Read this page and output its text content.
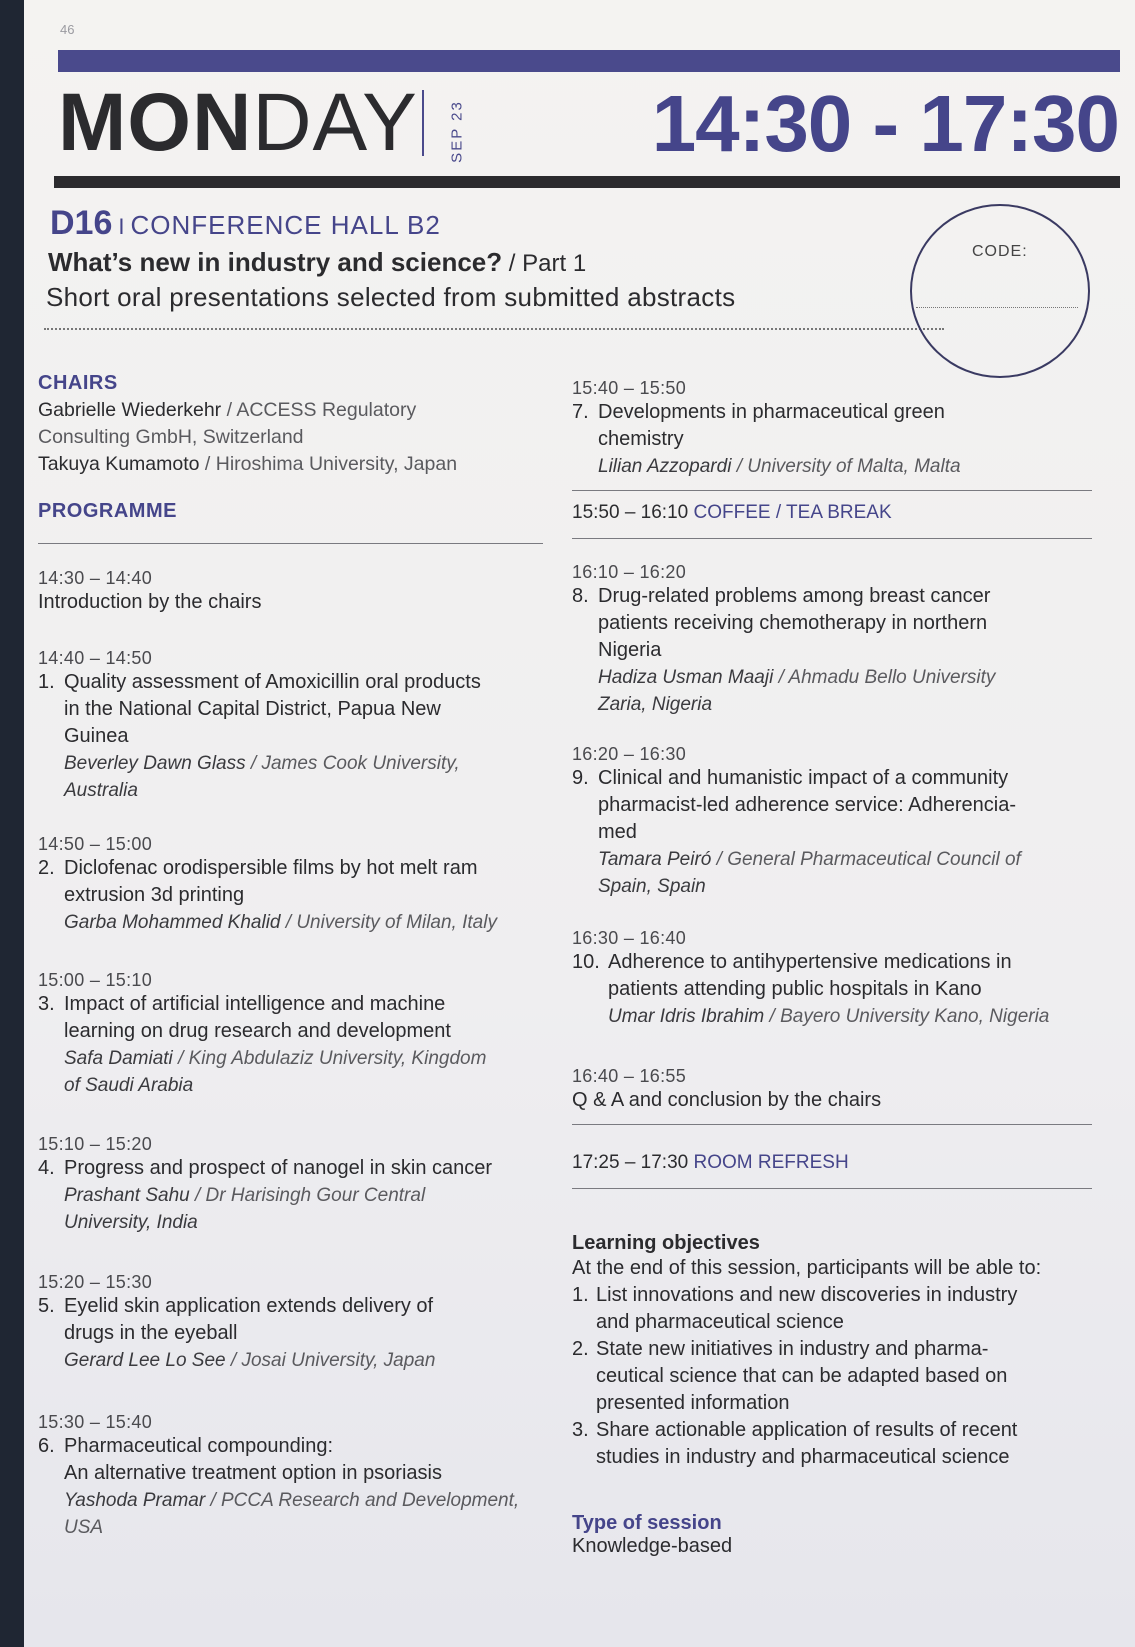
46
MONDAY SEP 23 14:30 - 17:30
D16 I CONFERENCE HALL B2
What’s new in industry and science? / Part 1
Short oral presentations selected from submitted abstracts
CODE:
CHAIRS
Gabrielle Wiederkehr / ACCESS Regulatory
Consulting GmbH, Switzerland
Takuya Kumamoto / Hiroshima University, Japan
PROGRAMME
14:30 – 14:40
Introduction by the chairs
14:40 – 14:50
1. Quality assessment of Amoxicillin oral products
in the National Capital District, Papua New
Guinea
Beverley Dawn Glass / James Cook University,
Australia
14:50 – 15:00
2. Diclofenac orodispersible films by hot melt ram
extrusion 3d printing
Garba Mohammed Khalid / University of Milan, Italy
15:00 – 15:10
3. Impact of artificial intelligence and machine
learning on drug research and development
Safa Damiati / King Abdulaziz University, Kingdom
of Saudi Arabia
15:10 – 15:20
4. Progress and prospect of nanogel in skin cancer
Prashant Sahu / Dr Harisingh Gour Central
University, India
15:20 – 15:30
5. Eyelid skin application extends delivery of
drugs in the eyeball
Gerard Lee Lo See / Josai University, Japan
15:30 – 15:40
6. Pharmaceutical compounding:
An alternative treatment option in psoriasis
Yashoda Pramar / PCCA Research and Development, USA
15:40 – 15:50
7. Developments in pharmaceutical green
chemistry
Lilian Azzopardi / University of Malta, Malta
15:50 – 16:10 COFFEE / TEA BREAK
16:10 – 16:20
8. Drug-related problems among breast cancer
patients receiving chemotherapy in northern
Nigeria
Hadiza Usman Maaji / Ahmadu Bello University
Zaria, Nigeria
16:20 – 16:30
9. Clinical and humanistic impact of a community
pharmacist-led adherence service: Adherencia-
med
Tamara Peiró / General Pharmaceutical Council of
Spain, Spain
16:30 – 16:40
10. Adherence to antihypertensive medications in
patients attending public hospitals in Kano
Umar Idris Ibrahim / Bayero University Kano, Nigeria
16:40 – 16:55
Q & A and conclusion by the chairs
17:25 – 17:30 ROOM REFRESH
Learning objectives
At the end of this session, participants will be able to:
1. List innovations and new discoveries in industry
and pharmaceutical science
2. State new initiatives in industry and pharma-
ceutical science that can be adapted based on
presented information
3. Share actionable application of results of recent
studies in industry and pharmaceutical science
Type of session
Knowledge-based
